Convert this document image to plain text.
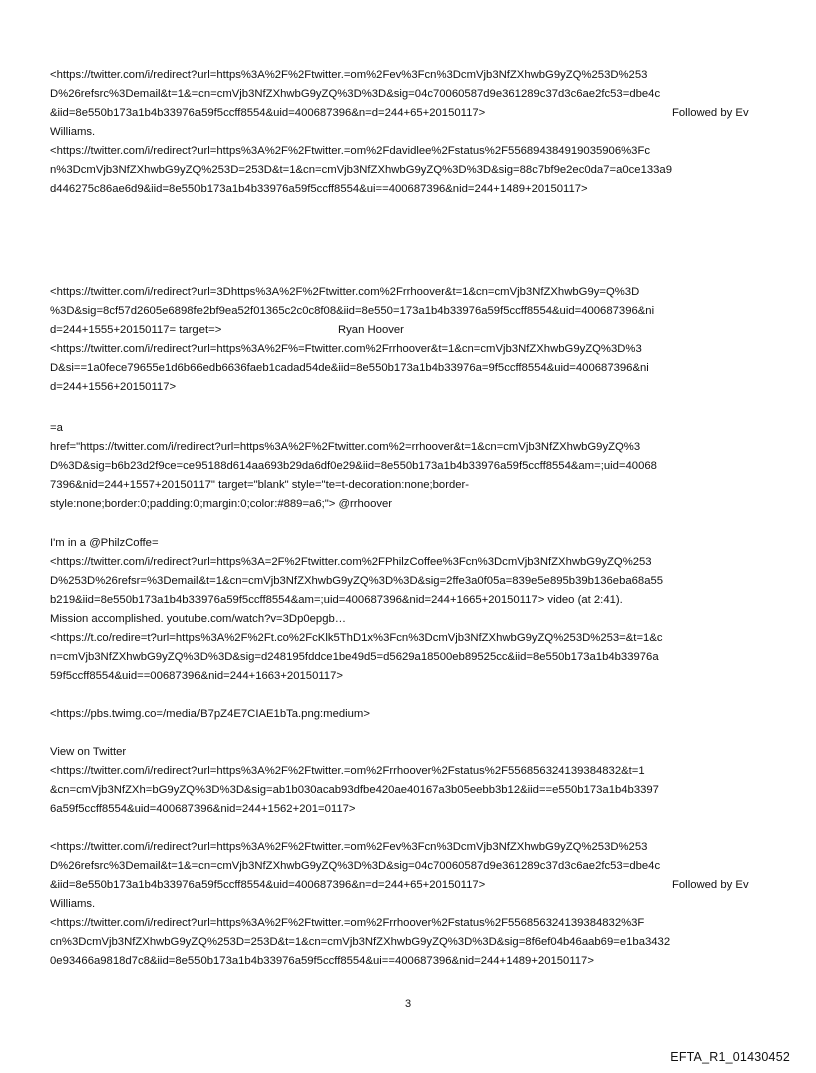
<https://twitter.com/i/redirect?url=https%3A%2F%2Ftwitter.=om%2Fev%3Fcn%3DcmVjb3NfZXhwbG9yZQ%253D%253
D%26refsrc%3Demail&t=1&=cn=cmVjb3NfZXhwbG9yZQ%3D%3D&sig=04c70060587d9e361289c37d3c6ae2fc53=dbe4c
&iid=8e550b173a1b4b33976a59f5ccff8554&uid=400687396&n=d=244+65+20150117>
Williams.
<https://twitter.com/i/redirect?url=https%3A%2F%2Ftwitter.=om%2Fdavidlee%2Fstatus%2F556894384919035906%3Fc
n%3DcmVjb3NfZXhwbG9yZQ%253D=253D&t=1&cn=cmVjb3NfZXhwbG9yZQ%3D%3D&sig=88c7bf9e2ec0da7=a0ce133a9
d446275c86ae6d9&iid=8e550b173a1b4b33976a59f5ccff8554&ui==400687396&nid=244+1489+20150117>
Followed by Ev
<https://twitter.com/i/redirect?url=3Dhttps%3A%2F%2Ftwitter.com%2Frrhoover&t=1&cn=cmVjb3NfZXhwbG9y=Q%3D
%3D&sig=8cf57d2605e6898fe2bf9ea52f01365c2c0c8f08&iid=8e550=173a1b4b33976a59f5ccff8554&uid=400687396&ni
d=244+1555+20150117= target=>
<https://twitter.com/i/redirect?url=https%3A%2F%=Ftwitter.com%2Frrhoover&t=1&cn=cmVjb3NfZXhwbG9yZQ%3D%3
D&si==1a0fece79655e1d6b66edb6636faeb1cadad54de&iid=8e550b173a1b4b33976a=9f5ccff8554&uid=400687396&ni
d=244+1556+20150117>
Ryan Hoover
=a
href="https://twitter.com/i/redirect?url=https%3A%2F%2Ftwitter.com%2=rrhoover&t=1&cn=cmVjb3NfZXhwbG9yZQ%3
D%3D&sig=b6b23d2f9ce=ce95188d614aa693b29da6df0e29&iid=8e550b173a1b4b33976a59f5ccff8554&am=;uid=40068
7396&nid=244+1557+20150117" target="blank" style="te=t-decoration:none;border-
style:none;border:0;padding:0;margin:0;color:#889=a6;"> @rrhoover
I'm in a @PhilzCoffe=
<https://twitter.com/i/redirect?url=https%3A=2F%2Ftwitter.com%2FPhilzCoffee%3Fcn%3DcmVjb3NfZXhwbG9yZQ%253
D%253D%26refsr=%3Demail&t=1&cn=cmVjb3NfZXhwbG9yZQ%3D%3D&sig=2ffe3a0f05a=839e5e895b39b136eba68a55
b219&iid=8e550b173a1b4b33976a59f5ccff8554&am=;uid=400687396&nid=244+1665+20150117> video (at 2:41).
Mission accomplished. youtube.com/watch?v=3Dp0epgb…
<https://t.co/redire=t?url=https%3A%2F%2Ft.co%2FcKlk5ThD1x%3Fcn%3DcmVjb3NfZXhwbG9yZQ%253D%253=&t=1&c
n=cmVjb3NfZXhwbG9yZQ%3D%3D&sig=d248195fddce1be49d5=d5629a18500eb89525cc&iid=8e550b173a1b4b33976a
59f5ccff8554&uid==00687396&nid=244+1663+20150117>
<https://pbs.twimg.co=/media/B7pZ4E7CIAE1bTa.png:medium>
View on Twitter
<https://twitter.com/i/redirect?url=https%3A%2F%2Ftwitter.=om%2Frrhoover%2Fstatus%2F556856324139384832&t=1
&cn=cmVjb3NfZXh=bG9yZQ%3D%3D&sig=ab1b030acab93dfbe420ae40167a3b05eebb3b12&iid==e550b173a1b4b3397
6a59f5ccff8554&uid=400687396&nid=244+1562+201=0117>
<https://twitter.com/i/redirect?url=https%3A%2F%2Ftwitter.=om%2Fev%3Fcn%3DcmVjb3NfZXhwbG9yZQ%253D%253
D%26refsrc%3Demail&t=1&=cn=cmVjb3NfZXhwbG9yZQ%3D%3D&sig=04c70060587d9e361289c37d3c6ae2fc53=dbe4c
&iid=8e550b173a1b4b33976a59f5ccff8554&uid=400687396&n=d=244+65+20150117>
Williams.
<https://twitter.com/i/redirect?url=https%3A%2F%2Ftwitter.=om%2Frrhoover%2Fstatus%2F556856324139384832%3F
cn%3DcmVjb3NfZXhwbG9yZQ%253D=253D&t=1&cn=cmVjb3NfZXhwbG9yZQ%3D%3D&sig=8f6ef04b46aab69=e1ba3432
0e93466a9818d7c8&iid=8e550b173a1b4b33976a59f5ccff8554&ui==400687396&nid=244+1489+20150117>
Followed by Ev
3
EFTA_R1_01430452
